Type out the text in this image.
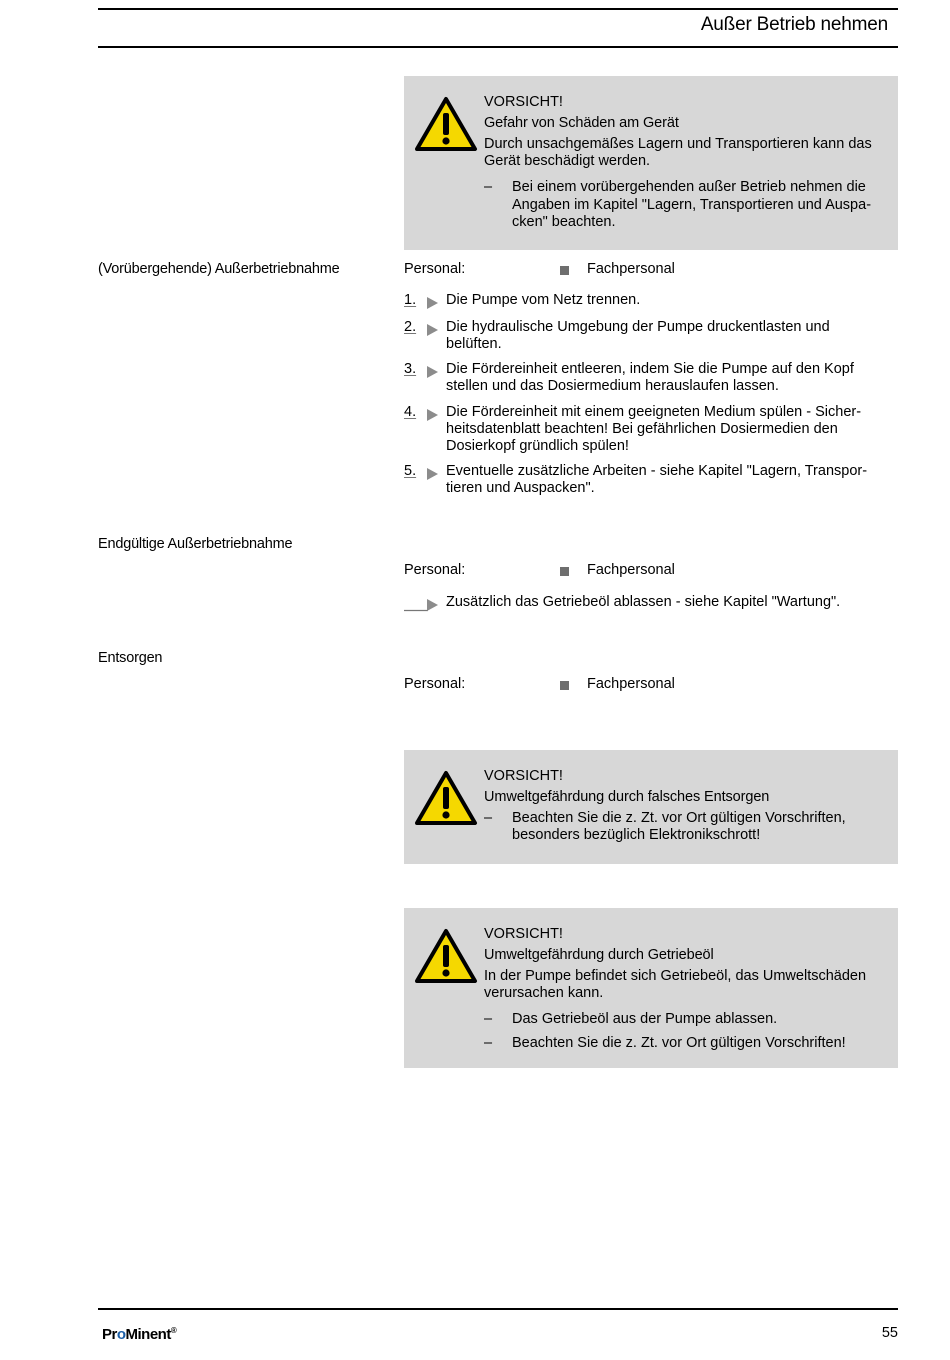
Außer Betrieb nehmen
VORSICHT!
Gefahr von Schäden am Gerät
Durch unsachgemäßes Lagern und Transportieren kann das Gerät beschädigt werden.
– Bei einem vorübergehenden außer Betrieb nehmen die Angaben im Kapitel "Lagern, Transportieren und Auspa-cken" beachten.
(Vorübergehende) Außerbetriebnahme	Personal:	Fachpersonal
1.	Die Pumpe vom Netz trennen.
2.	Die hydraulische Umgebung der Pumpe druckentlasten und belüften.
3.	Die Fördereinheit entleeren, indem Sie die Pumpe auf den Kopf stellen und das Dosiermedium herauslaufen lassen.
4.	Die Fördereinheit mit einem geeigneten Medium spülen - Sicher-heitsdatenblatt beachten! Bei gefährlichen Dosiermedien den Dosierkopf gründlich spülen!
5.	Eventuelle zusätzliche Arbeiten - siehe Kapitel "Lagern, Transpor-tieren und Auspacken".
Endgültige Außerbetriebnahme
Personal:	Fachpersonal
Zusätzlich das Getriebeöl ablassen - siehe Kapitel "Wartung".
Entsorgen
Personal:	Fachpersonal
VORSICHT!
Umweltgefährdung durch falsches Entsorgen
– Beachten Sie die z. Zt. vor Ort gültigen Vorschriften, besonders bezüglich Elektronikschrott!
VORSICHT!
Umweltgefährdung durch Getriebeöl
In der Pumpe befindet sich Getriebeöl, das Umweltschäden verursachen kann.
– Das Getriebeöl aus der Pumpe ablassen.
– Beachten Sie die z. Zt. vor Ort gültigen Vorschriften!
ProMinent®	55
